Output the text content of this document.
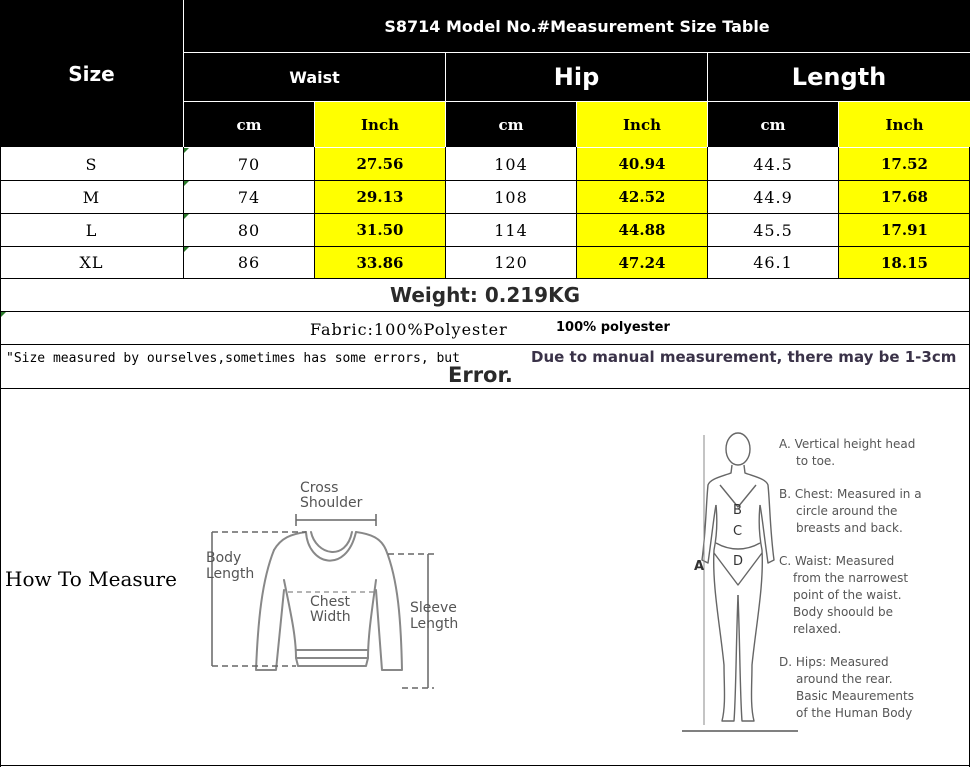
Size
S8714 Model No.#Measurement Size Table
Waist	Hip	Length
cm	Inch	cm	Inch	cm	Inch
S	70	27.56	104	40.94	44.5	17.52
M	74	29.13	108	42.52	44.9	17.68
L	80	31.50	114	44.88	45.5	17.91
XL	86	33.86	120	47.24	46.1	18.15
Weight: 0.219KG
Fabric:100%Polyester	100% polyester
"Size measured by ourselves,sometimes has some errors, but	Due to manual measurement, there may be 1-3cm
Error.
How To Measure
Cross
Shoulder
Body
Length
Chest
Width
Sleeve
Length
A
B
C
D
A. Vertical height head
to toe.
B. Chest: Measured in a
circle around the
breasts and back.
C. Waist: Measured
from the narrowest
point of the waist.
Body shoould be
relaxed.
D. Hips: Measured
around the rear.
Basic Meaurements
of the Human Body
